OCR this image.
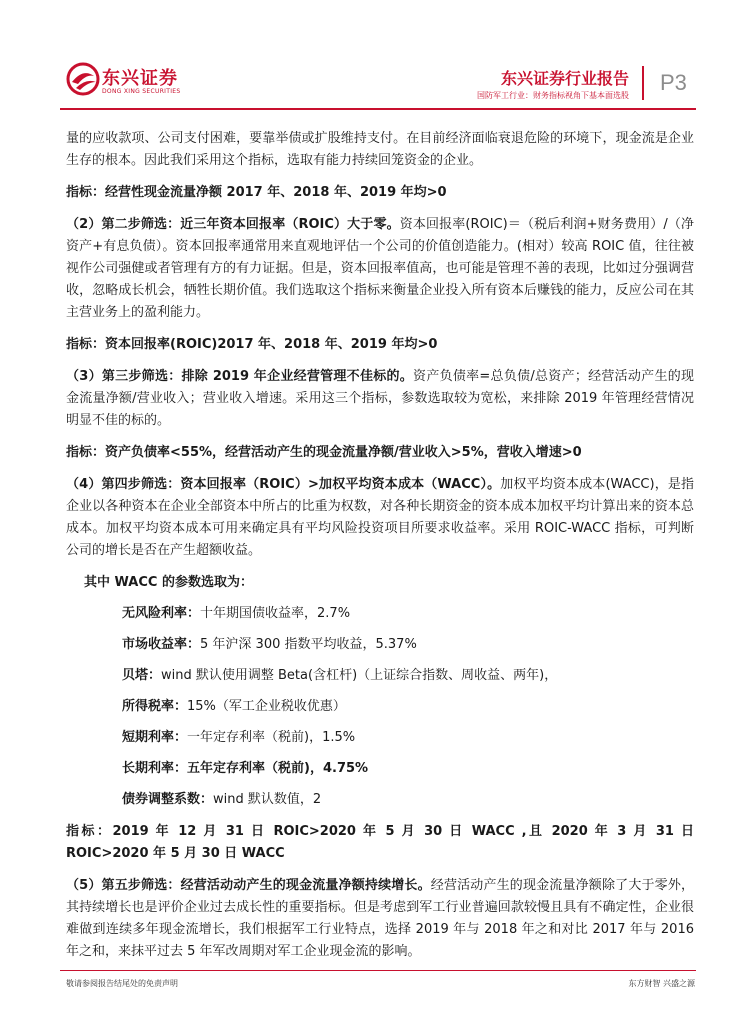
东兴证券
DONG XING SECURITIES
东兴证券行业报告
国防军工行业：财务指标视角下基本面选股
P3

量的应收款项、公司支付困难，要靠举债或扩股维持支付。在目前经济面临衰退危险的环境下，现金流是企业生存的根本。因此我们采用这个指标，选取有能力持续回笼资金的企业。

指标：经营性现金流量净额 2017 年、2018 年、2019 年均>0

（2）第二步筛选：近三年资本回报率（ROIC）大于零。资本回报率(ROIC)＝（税后利润+财务费用）/（净资产+有息负债）。资本回报率通常用来直观地评估一个公司的价值创造能力。(相对）较高 ROIC 值，往往被视作公司强健或者管理有方的有力证据。但是，资本回报率值高，也可能是管理不善的表现，比如过分强调营收，忽略成长机会，牺牲长期价值。我们选取这个指标来衡量企业投入所有资本后赚钱的能力，反应公司在其主营业务上的盈利能力。

指标：资本回报率(ROIC)2017 年、2018 年、2019 年均>0

（3）第三步筛选：排除 2019 年企业经营管理不佳标的。资产负债率=总负债/总资产；经营活动产生的现金流量净额/营业收入；营业收入增速。采用这三个指标，参数选取较为宽松，来排除 2019 年管理经营情况明显不佳的标的。

指标：资产负债率<55%，经营活动产生的现金流量净额/营业收入>5%，营收入增速>0

（4）第四步筛选：资本回报率（ROIC）>加权平均资本成本（WACC）。加权平均资本成本(WACC)，是指企业以各种资本在企业全部资本中所占的比重为权数，对各种长期资金的资本成本加权平均计算出来的资本总成本。加权平均资本成本可用来确定具有平均风险投资项目所要求收益率。采用 ROIC-WACC 指标，可判断公司的增长是否在产生超额收益。

其中 WACC 的参数选取为：

无风险利率：十年期国债收益率，2.7%

市场收益率：5 年沪深 300 指数平均收益，5.37%

贝塔：wind 默认使用调整 Beta(含杠杆)（上证综合指数、周收益、两年)，

所得税率：15%（军工企业税收优惠）

短期利率：一年定存利率（税前)，1.5%

长期利率：五年定存利率（税前)，4.75%

债券调整系数：wind 默认数值，2

指标：2019 年 12 月 31 日 ROIC>2020 年 5 月 30 日 WACC ,且 2020 年 3 月 31 日 ROIC>2020 年 5 月 30 日 WACC

（5）第五步筛选：经营活动动产生的现金流量净额持续增长。经营活动产生的现金流量净额除了大于零外，其持续增长也是评价企业过去成长性的重要指标。但是考虑到军工行业普遍回款较慢且具有不确定性，企业很难做到连续多年现金流增长，我们根据军工行业特点，选择 2019 年与 2018 年之和对比 2017 年与 2016 年之和，来抹平过去 5 年军改周期对军工企业现金流的影响。

敬请参阅报告结尾处的免责声明	东方财智 兴盛之源
